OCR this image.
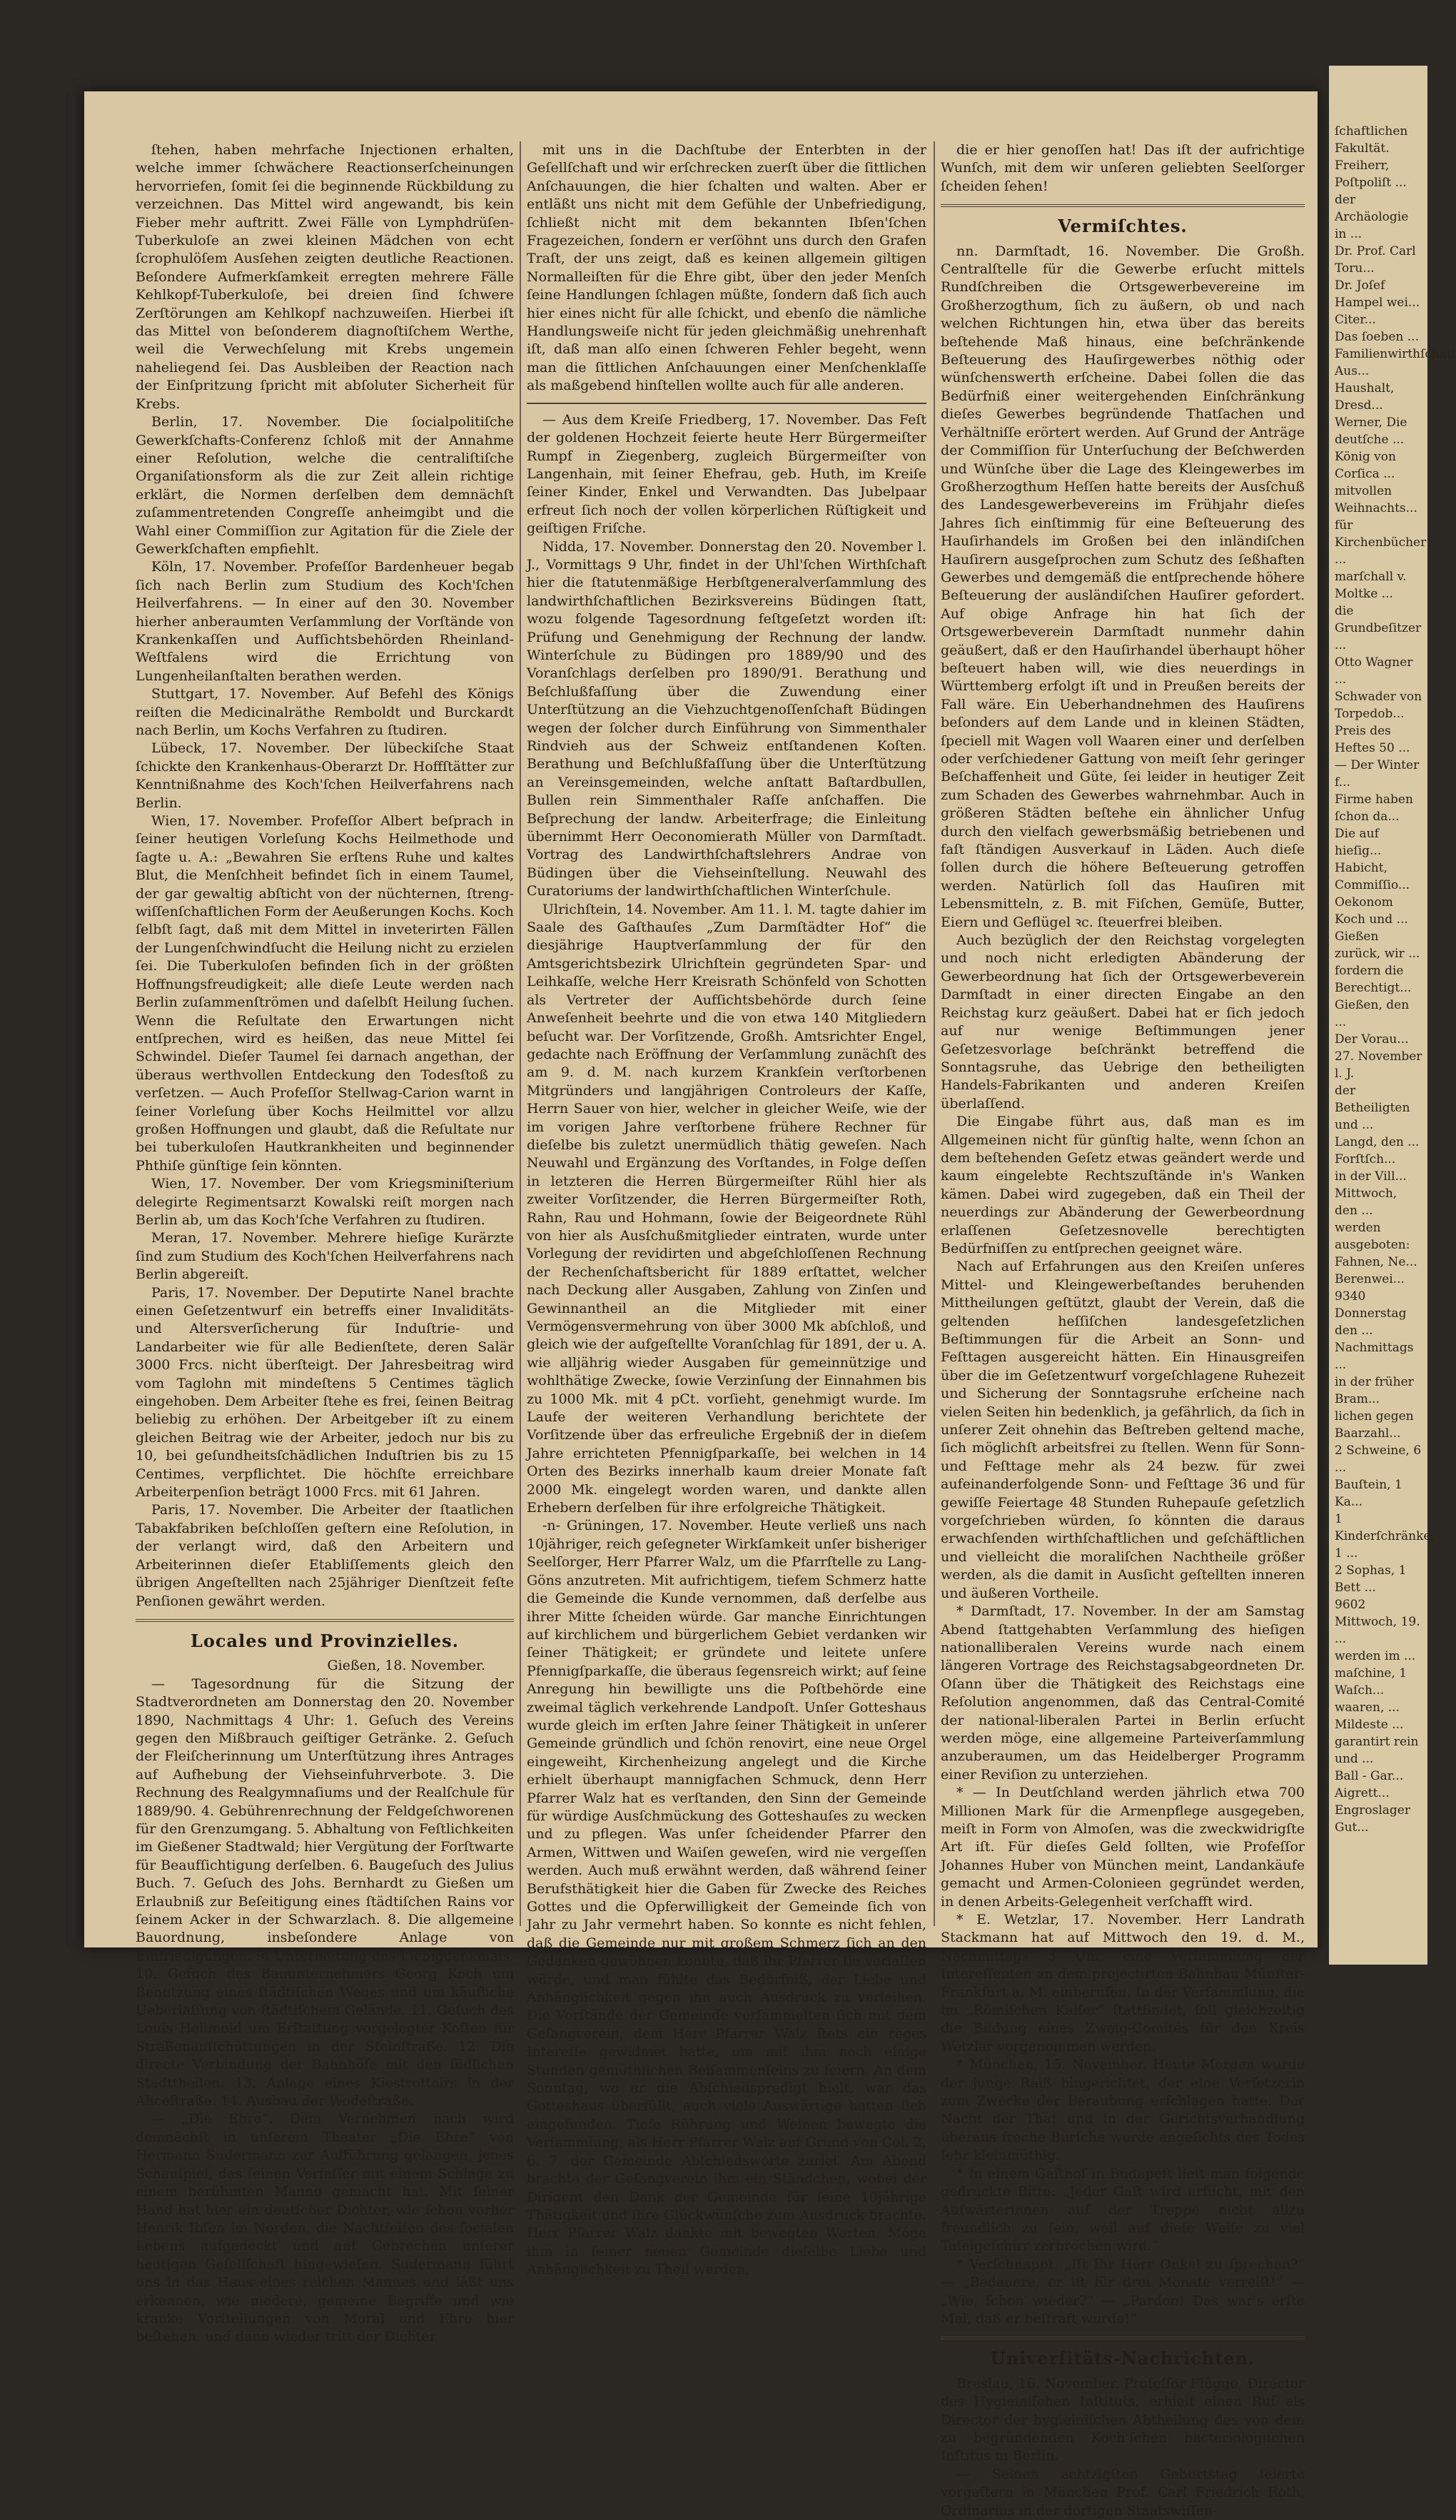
ſtehen, haben mehrfache Injectionen erhalten, welche immer ſchwächere Reactionserſcheinungen hervorriefen, ſomit ſei die beginnende Rückbildung zu verzeichnen. Das Mittel wird angewandt, bis kein Fieber mehr auftritt. Zwei Fälle von Lymphdrüſen-Tuberkuloſe an zwei kleinen Mädchen von echt ſcrophulöſem Ausſehen zeigten deutliche Reactionen. Beſondere Aufmerkſamkeit erregten mehrere Fälle Kehlkopf-Tuberkuloſe, bei dreien ſind ſchwere Zerſtörungen am Kehlkopf nachzuweiſen. Hierbei iſt das Mittel von beſonderem diagnoſtiſchem Werthe, weil die Verwechſelung mit Krebs ungemein naheliegend ſei. Das Ausbleiben der Reaction nach der Einſpritzung ſpricht mit abſoluter Sicherheit für Krebs.

Berlin, 17. November. Die ſocialpolitiſche Gewerkſchafts-Conferenz ſchloß mit der Annahme einer Reſolution, welche die centraliſtiſche Organiſationsform als die zur Zeit allein richtige erklärt, die Normen derſelben dem demnächſt zuſammentretenden Congreſſe anheimgibt und die Wahl einer Commiſſion zur Agitation für die Ziele der Gewerkſchaften empfiehlt.

Köln, 17. November. Profeſſor Bardenheuer begab ſich nach Berlin zum Studium des Koch'ſchen Heilverfahrens. — In einer auf den 30. November hierher anberaumten Verſammlung der Vorſtände von Krankenkaſſen und Aufſichtsbehörden Rheinland-Weſtfalens wird die Errichtung von Lungenheilanſtalten berathen werden.

Stuttgart, 17. November. Auf Befehl des Königs reiſten die Medicinalräthe Remboldt und Burckardt nach Berlin, um Kochs Verfahren zu ſtudiren.

Lübeck, 17. November. Der lübeckiſche Staat ſchickte den Krankenhaus-Oberarzt Dr. Hoffſtätter zur Kenntnißnahme des Koch'ſchen Heilverfahrens nach Berlin.

Wien, 17. November. Profeſſor Albert beſprach in ſeiner heutigen Vorleſung Kochs Heilmethode und ſagte u. A.: „Bewahren Sie erſtens Ruhe und kaltes Blut, die Menſchheit befindet ſich in einem Taumel, der gar gewaltig abſticht von der nüchternen, ſtreng-wiſſenſchaftlichen Form der Aeußerungen Kochs. Koch ſelbſt ſagt, daß mit dem Mittel in inveterirten Fällen der Lungenſchwindſucht die Heilung nicht zu erzielen ſei. Die Tuberkuloſen befinden ſich in der größten Hoffnungsfreudigkeit; alle dieſe Leute werden nach Berlin zuſammenſtrömen und daſelbſt Heilung ſuchen. Wenn die Reſultate den Erwartungen nicht entſprechen, wird es heißen, das neue Mittel ſei Schwindel. Dieſer Taumel ſei darnach angethan, der überaus werthvollen Entdeckung den Todesſtoß zu verſetzen. — Auch Profeſſor Stellwag-Carion warnt in ſeiner Vorleſung über Kochs Heilmittel vor allzu großen Hoffnungen und glaubt, daß die Reſultate nur bei tuberkuloſen Hautkrankheiten und beginnender Phthiſe günſtige ſein könnten.

Wien, 17. November. Der vom Kriegsminiſterium delegirte Regimentsarzt Kowalski reiſt morgen nach Berlin ab, um das Koch'ſche Verfahren zu ſtudiren.

Meran, 17. November. Mehrere hieſige Kurärzte ſind zum Studium des Koch'ſchen Heilverfahrens nach Berlin abgereiſt.

Paris, 17. November. Der Deputirte Nanel brachte einen Geſetzentwurf ein betreffs einer Invaliditäts- und Altersverſicherung für Induſtrie- und Landarbeiter wie für alle Bedienſtete, deren Salär 3000 Frcs. nicht überſteigt. Der Jahresbeitrag wird vom Taglohn mit mindeſtens 5 Centimes täglich eingehoben. Dem Arbeiter ſtehe es frei, ſeinen Beitrag beliebig zu erhöhen. Der Arbeitgeber iſt zu einem gleichen Beitrag wie der Arbeiter, jedoch nur bis zu 10, bei geſundheitsſchädlichen Induſtrien bis zu 15 Centimes, verpflichtet. Die höchſte erreichbare Arbeiterpenſion beträgt 1000 Frcs. mit 61 Jahren.

Paris, 17. November. Die Arbeiter der ſtaatlichen Tabakfabriken beſchloſſen geſtern eine Reſolution, in der verlangt wird, daß den Arbeitern und Arbeiterinnen dieſer Etabliſſements gleich den übrigen Angeſtellten nach 25jähriger Dienſtzeit feſte Penſionen gewährt werden.

Locales und Provinzielles.
Gießen, 18. November.

— Tagesordnung für die Sitzung der Stadtverordneten am Donnerstag den 20. November 1890, Nachmittags 4 Uhr: 1. Geſuch des Vereins gegen den Mißbrauch geiſtiger Getränke. 2. Geſuch der Fleiſcherinnung um Unterſtützung ihres Antrages auf Aufhebung der Viehseinfuhrverbote. 3. Die Rechnung des Realgymnaſiums und der Realſchule für 1889/90. 4. Gebührenrechnung der Feldgeſchworenen für den Grenzumgang. 5. Abhaltung von Feſtlichkeiten im Gießener Stadtwald; hier Vergütung der Forſtwarte für Beaufſichtigung derſelben. 6. Baugeſuch des Julius Buch. 7. Geſuch des Johs. Bernhardt zu Gießen um Erlaubniß zur Beſeitigung eines ſtädtiſchen Rains vor ſeinem Acker in der Schwarzlach. 8. Die allgemeine Bauordnung, insbeſondere Anlage von Einfriedigungen. 9. Unterhaltung des Liebigdenkmals. 10. Geſuch des Bauunternehmers Georg Koch um Benutzung eines ſtädtiſchen Weges und um käufliche Ueberlaſſung von ſtädtiſchem Gelände. 11. Geſuch des Louis Hellmold um Erſtattung vorgelegter Koſten für Straßenaufſchüttungen in der Steinſtraße. 12. Die directe Verbindung der Bahnhöfe mit den ſüdlichen Stadttheilen. 13. Anlage eines Kiestrottoirs in der Aliceſtraße. 14. Ausbau der Wodeſtraße.

— „Die Ehre“. Dem Vernehmen nach wird demnächſt in unſerem Theater „Die Ehre“ von Hermann Sudermann zur Aufführung gelangen, jenes Schauſpiel, das ſeinen Verfaſſer mit einem Schlage zu einem berühmten Manne gemacht hat. Mit ſeiner Hand hat hier ein deutſcher Dichter, wie ſchon vorher Henrik Ibſen im Norden, die Nachtſeiten des ſocialen Lebens aufgedeckt und auf Gebrechen unſerer heutigen Geſellſchaft hingewieſen. Sudermann führt uns in das Haus eines reichen Mannes und läßt uns erkennen, wie niedere, gemeine Begriffe und wie kranke Vorſtellungen von Moral und Ehre hier beſtehen, und dann wieder tritt der Dichter

mit uns in die Dachſtube der Enterbten in der Geſellſchaft und wir erſchrecken zuerſt über die ſittlichen Anſchauungen, die hier ſchalten und walten. Aber er entläßt uns nicht mit dem Gefühle der Unbefriedigung, ſchließt nicht mit dem bekannten Ibſen'ſchen Fragezeichen, ſondern er verſöhnt uns durch den Grafen Traſt, der uns zeigt, daß es keinen allgemein giltigen Normalleiſten für die Ehre gibt, über den jeder Menſch ſeine Handlungen ſchlagen müßte, ſondern daß ſich auch hier eines nicht für alle ſchickt, und ebenſo die nämliche Handlungsweiſe nicht für jeden gleichmäßig unehrenhaft iſt, daß man alſo einen ſchweren Fehler begeht, wenn man die ſittlichen Anſchauungen einer Menſchenklaſſe als maßgebend hinſtellen wollte auch für alle anderen.

— Aus dem Kreiſe Friedberg, 17. November. Das Feſt der goldenen Hochzeit feierte heute Herr Bürgermeiſter Rumpf in Ziegenberg, zugleich Bürgermeiſter von Langenhain, mit ſeiner Ehefrau, geb. Huth, im Kreiſe ſeiner Kinder, Enkel und Verwandten. Das Jubelpaar erfreut ſich noch der vollen körperlichen Rüſtigkeit und geiſtigen Friſche.

Nidda, 17. November. Donnerstag den 20. November l. J., Vormittags 9 Uhr, findet in der Uhl'ſchen Wirthſchaft hier die ſtatutenmäßige Herbſtgeneralverſammlung des landwirthſchaftlichen Bezirksvereins Büdingen ſtatt, wozu folgende Tagesordnung feſtgeſetzt worden iſt: Prüfung und Genehmigung der Rechnung der landw. Winterſchule zu Büdingen pro 1889/90 und des Voranſchlags derſelben pro 1890/91. Berathung und Beſchlußfaſſung über die Zuwendung einer Unterſtützung an die Viehzuchtgenoſſenſchaft Büdingen wegen der ſolcher durch Einführung von Simmenthaler Rindvieh aus der Schweiz entſtandenen Koſten. Berathung und Beſchlußfaſſung über die Unterſtützung an Vereinsgemeinden, welche anſtatt Baſtardbullen, Bullen rein Simmenthaler Raſſe anſchaffen. Die Beſprechung der landw. Arbeiterfrage; die Einleitung übernimmt Herr Oeconomierath Müller von Darmſtadt. Vortrag des Landwirthſchaftslehrers Andrae von Büdingen über die Viehseinſtellung. Neuwahl des Curatoriums der landwirthſchaftlichen Winterſchule.

Ulrichſtein, 14. November. Am 11. l. M. tagte dahier im Saale des Gaſthauſes „Zum Darmſtädter Hof“ die diesjährige Hauptverſammlung der für den Amtsgerichtsbezirk Ulrichſtein gegründeten Spar- und Leihkaſſe, welche Herr Kreisrath Schönfeld von Schotten als Vertreter der Aufſichtsbehörde durch ſeine Anweſenheit beehrte und die von etwa 140 Mitgliedern beſucht war. Der Vorſitzende, Großh. Amtsrichter Engel, gedachte nach Eröffnung der Verſammlung zunächſt des am 9. d. M. nach kurzem Krankſein verſtorbenen Mitgründers und langjährigen Controleurs der Kaſſe, Herrn Sauer von hier, welcher in gleicher Weiſe, wie der im vorigen Jahre verſtorbene frühere Rechner für dieſelbe bis zuletzt unermüdlich thätig geweſen. Nach Neuwahl und Ergänzung des Vorſtandes, in Folge deſſen in letzteren die Herren Bürgermeiſter Rühl hier als zweiter Vorſitzender, die Herren Bürgermeiſter Roth, Rahn, Rau und Hohmann, ſowie der Beigeordnete Rühl von hier als Ausſchußmitglieder eintraten, wurde unter Vorlegung der revidirten und abgeſchloſſenen Rechnung der Rechenſchaftsbericht für 1889 erſtattet, welcher nach Deckung aller Ausgaben, Zahlung von Zinſen und Gewinnantheil an die Mitglieder mit einer Vermögensvermehrung von über 3000 Mk abſchloß, und gleich wie der aufgeſtellte Voranſchlag für 1891, der u. A. wie alljährig wieder Ausgaben für gemeinnützige und wohlthätige Zwecke, ſowie Verzinſung der Einnahmen bis zu 1000 Mk. mit 4 pCt. vorſieht, genehmigt wurde. Im Laufe der weiteren Verhandlung berichtete der Vorſitzende über das erfreuliche Ergebniß der in dieſem Jahre errichteten Pfennigſparkaſſe, bei welchen in 14 Orten des Bezirks innerhalb kaum dreier Monate faſt 2000 Mk. eingelegt worden waren, und dankte allen Erhebern derſelben für ihre erfolgreiche Thätigkeit.

-n- Grüningen, 17. November. Heute verließ uns nach 10jähriger, reich geſegneter Wirkſamkeit unſer bisheriger Seelſorger, Herr Pfarrer Walz, um die Pfarrſtelle zu Lang-Göns anzutreten. Mit aufrichtigem, tiefem Schmerz hatte die Gemeinde die Kunde vernommen, daß derſelbe aus ihrer Mitte ſcheiden würde. Gar manche Einrichtungen auf kirchlichem und bürgerlichem Gebiet verdanken wir ſeiner Thätigkeit; er gründete und leitete unſere Pfennigſparkaſſe, die überaus ſegensreich wirkt; auf ſeine Anregung hin bewilligte uns die Poſtbehörde eine zweimal täglich verkehrende Landpoſt. Unſer Gotteshaus wurde gleich im erſten Jahre ſeiner Thätigkeit in unſerer Gemeinde gründlich und ſchön renovirt, eine neue Orgel eingeweiht, Kirchenheizung angelegt und die Kirche erhielt überhaupt mannigfachen Schmuck, denn Herr Pfarrer Walz hat es verſtanden, den Sinn der Gemeinde für würdige Ausſchmückung des Gotteshauſes zu wecken und zu pflegen. Was unſer ſcheidender Pfarrer den Armen, Wittwen und Waiſen geweſen, wird nie vergeſſen werden. Auch muß erwähnt werden, daß während ſeiner Berufsthätigkeit hier die Gaben für Zwecke des Reiches Gottes und die Opferwilligkeit der Gemeinde ſich von Jahr zu Jahr vermehrt haben. So konnte es nicht fehlen, daß die Gemeinde nur mit großem Schmerz ſich an den Gedanken gewöhnen konnte, daß ihr Pfarrer ſie verlaſſen würde, und man fühlte das Bedürfniß, der Liebe und Anhänglichkeit gegen ihn auch Ausdruck zu verleihen. Die Vorſtände der Gemeinde verſammelten ſich mit dem Geſangverein, dem Herr Pfarrer Walz ſtets ein reges Intereſſe gewidmet hatte, um mit ihm noch einige Stunden gemüthlichen Beiſammenſeins zu feiern. An dem Sonntag, wo er die Abſchiedspredigt hielt, war das Gotteshaus überfüllt, auch viele Auswärtige hatten ſich eingefunden. Tiefe Rührung und Weinen bewegte die Verſammlung, als Herr Pfarrer Walz auf Grund von Col. 2, 6. 7. der Gemeinde Abſchiedsworte zurief. Am Abend brachte der Geſangverein ihm ein Ständchen, wobei der Dirigent den Dank der Gemeinde für ſeine 10jährige Thätigkeit und ihre Glückwünſche zum Ausdruck brachte. Herr Pfarrer Walz dankte mit bewegten Worten. Möge ihm in ſeiner neuen Gemeinde dieſelbe Liebe und Anhänglichkeit zu Theil werden,

die er hier genoſſen hat! Das iſt der aufrichtige Wunſch, mit dem wir unſeren geliebten Seelſorger ſcheiden ſehen!

Vermiſchtes.

nn. Darmſtadt, 16. November. Die Großh. Centralſtelle für die Gewerbe erſucht mittels Rundſchreiben die Ortsgewerbevereine im Großherzogthum, ſich zu äußern, ob und nach welchen Richtungen hin, etwa über das bereits beſtehende Maß hinaus, eine beſchränkende Beſteuerung des Hauſirgewerbes nöthig oder wünſchenswerth erſcheine. Dabei ſollen die das Bedürfniß einer weitergehenden Einſchränkung dieſes Gewerbes begründende Thatſachen und Verhältniſſe erörtert werden. Auf Grund der Anträge der Commiſſion für Unterſuchung der Beſchwerden und Wünſche über die Lage des Kleingewerbes im Großherzogthum Heſſen hatte bereits der Ausſchuß des Landesgewerbevereins im Frühjahr dieſes Jahres ſich einſtimmig für eine Beſteuerung des Hauſirhandels im Großen bei den inländiſchen Hauſirern ausgeſprochen zum Schutz des ſeßhaften Gewerbes und demgemäß die entſprechende höhere Beſteuerung der ausländiſchen Hauſirer gefordert. Auf obige Anfrage hin hat ſich der Ortsgewerbeverein Darmſtadt nunmehr dahin geäußert, daß er den Hauſirhandel überhaupt höher beſteuert haben will, wie dies neuerdings in Württemberg erfolgt iſt und in Preußen bereits der Fall wäre. Ein Ueberhandnehmen des Hauſirens beſonders auf dem Lande und in kleinen Städten, ſpeciell mit Wagen voll Waaren einer und derſelben oder verſchiedener Gattung von meiſt ſehr geringer Beſchaffenheit und Güte, ſei leider in heutiger Zeit zum Schaden des Gewerbes wahrnehmbar. Auch in größeren Städten beſtehe ein ähnlicher Unfug durch den vielfach gewerbsmäßig betriebenen und faſt ſtändigen Ausverkauf in Läden. Auch dieſe ſollen durch die höhere Beſteuerung getroffen werden. Natürlich ſoll das Hauſiren mit Lebensmitteln, z. B. mit Fiſchen, Gemüſe, Butter, Eiern und Geflügel ꝛc. ſteuerfrei bleiben.

Auch bezüglich der den Reichstag vorgelegten und noch nicht erledigten Abänderung der Gewerbeordnung hat ſich der Ortsgewerbeverein Darmſtadt in einer directen Eingabe an den Reichstag kurz geäußert. Dabei hat er ſich jedoch auf nur wenige Beſtimmungen jener Geſetzesvorlage beſchränkt betreffend die Sonntagsruhe, das Uebrige den betheiligten Handels-Fabrikanten und anderen Kreiſen überlaſſend.

Die Eingabe führt aus, daß man es im Allgemeinen nicht für günſtig halte, wenn ſchon an dem beſtehenden Geſetz etwas geändert werde und kaum eingelebte Rechtszuſtände in's Wanken kämen. Dabei wird zugegeben, daß ein Theil der neuerdings zur Abänderung der Gewerbeordnung erlaſſenen Geſetzesnovelle berechtigten Bedürfniſſen zu entſprechen geeignet wäre.

Nach auf Erfahrungen aus den Kreiſen unſeres Mittel- und Kleingewerbeſtandes beruhenden Mittheilungen geſtützt, glaubt der Verein, daß die geltenden heſſiſchen landesgeſetzlichen Beſtimmungen für die Arbeit an Sonn- und Feſttagen ausgereicht hätten. Ein Hinausgreifen über die im Geſetzentwurf vorgeſchlagene Ruhezeit und Sicherung der Sonntagsruhe erſcheine nach vielen Seiten hin bedenklich, ja gefährlich, da ſich in unſerer Zeit ohnehin das Beſtreben geltend mache, ſich möglichſt arbeitsfrei zu ſtellen. Wenn für Sonn- und Feſttage mehr als 24 bezw. für zwei aufeinanderfolgende Sonn- und Feſttage 36 und für gewiſſe Feiertage 48 Stunden Ruhepauſe geſetzlich vorgeſchrieben würden, ſo könnten die daraus erwachſenden wirthſchaftlichen und geſchäftlichen und vielleicht die moraliſchen Nachtheile größer werden, als die damit in Ausſicht geſtellten inneren und äußeren Vortheile.

* Darmſtadt, 17. November. In der am Samstag Abend ſtattgehabten Verſammlung des hieſigen nationalliberalen Vereins wurde nach einem längeren Vortrage des Reichstagsabgeordneten Dr. Oſann über die Thätigkeit des Reichstags eine Reſolution angenommen, daß das Central-Comité der national-liberalen Partei in Berlin erſucht werden möge, eine allgemeine Parteiverſammlung anzuberaumen, um das Heidelberger Programm einer Reviſion zu unterziehen.

* — In Deutſchland werden jährlich etwa 700 Millionen Mark für die Armenpflege ausgegeben, meiſt in Form von Almoſen, was die zweckwidrigſte Art iſt. Für dieſes Geld ſollten, wie Profeſſor Johannes Huber von München meint, Landankäufe gemacht und Armen-Colonieen gegründet werden, in denen Arbeits-Gelegenheit verſchafft wird.

* E. Wetzlar, 17. November. Herr Landrath Stackmann hat auf Mittwoch den 19. d. M., Nachmittags 3 Uhr, eine Verſammlung der Intereſſenten an dem projectirten Bahnbau Münſter-Frankfurt a. M. einberufen. In der Verſammlung, die im „Römiſchen Kaiſer“ ſtattfindet, ſoll gleichzeitig die Bildung eines Zweig-Comités für den Kreis Wetzlar vorgenommen werden.

* München, 15. November. Heute Morgen wurde der junge Raiß hingerichtet, der eine Verſetzerin zum Zwecke der Beraubung erſchlagen hatte. Der Nacht der That und in der Gerichtsverhandlung überaus freche Burſche wurde angeſichts des Todes ſehr kleinmüthig.

* In einem Gaſthof in Budapeſt lieſt man folgende gedruckte Bitte: „Jeder Gaſt wird erſucht, mit den Aufwärterinnen auf der Treppe nicht allzu freundlich zu ſein, weil auf dieſe Weiſe zu viel Tafelgeſchirr zerbrochen wird.“

* Verſchnappt. „Iſt Ihr Herr Onkel zu ſprechen?“ — „Bedauere, er iſt für drei Monate verreiſt!“ — „Wie, ſchon wieder?“ — „Pardon! Das war's erſte Mal, daß er beſtraft wurde!“

Univerſitäts-Nachrichten.

Breslau, 16. November. Profeſſor Flügge, Director des Hygieiniſchen Inſtituts, erhielt einen Ruf als Director der hygieiniſchen Abtheilung des von dem zu begründenden Koch'ſchen bacteriologiſchen Inſtitus in Berlin.

— Seinen achtzigſten Geburtstag feierte vorgeſtern in München Prof. Carl Friedrich Roth, Ordinarius in der dortigen Staatswiſſen-

ſchaftlichen Fakultät.
Freiherr, Poſtpoliſt ...
der Archäologie in ...
Dr. Prof. Carl Toru...
Dr. Joſef Hampel wei...
Citer...
Das ſoeben ...
Familienwirthſchaft Aus...
Haushalt, Dresd...
Werner, Die deutſche ...
König von Corſica ...
mitvollen Weihnachts...
für Kirchenbücher ...
marſchall v. Moltke ...
die Grundbeſitzer ...
Otto Wagner ...
Schwader von Torpedob...
Preis des Heftes 50 ...
— Der Winter f...
Firme haben ſchon da...
Die auf hieſig...
Habicht, Commiſſio...
Oekonom Koch und ...
Gießen zurück, wir ...
fordern die Berechtigt...
Gießen, den ...
Der Vorau...
27. November l. J.
der Betheiligten und ...
Langd, den ...
Forſtſch...
in der Vill...
Mittwoch, den ...
werden ausgeboten:
Fahnen, Ne...
Berenwei...
9340
Donnerstag den ...
Nachmittags ...
in der früher Bram...
lichen gegen Baarzahl...
2 Schweine, 6 ...
Bauſtein, 1 Ka...
1 Kinderſchränke, 1 ...
2 Sophas, 1 Bett ...
9602
Mittwoch, 19. ...
werden im ...
maſchine, 1 Waſch...
waaren, ...
Mildeste ...
garantirt rein und ...
Ball - Gar...
Aigrett...
Engroslager Gut...
